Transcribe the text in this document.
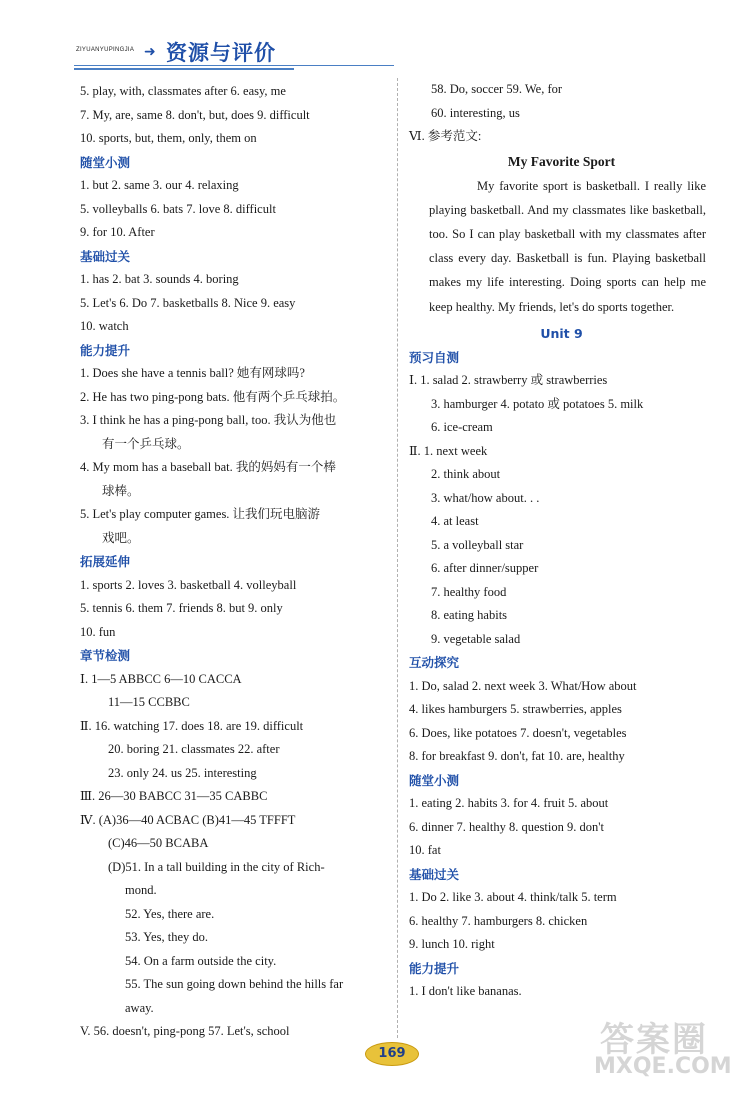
ZIYUANYUPINGJIA ➜ 资源与评价
5. play, with, classmates after 6. easy, me
7. My, are, same 8. don't, but, does 9. difficult
10. sports, but, them, only, them on
随堂小测
1. but 2. same 3. our 4. relaxing
5. volleyballs 6. bats 7. love 8. difficult
9. for 10. After
基础过关
1. has 2. bat 3. sounds 4. boring
5. Let's 6. Do 7. basketballs 8. Nice 9. easy
10. watch
能力提升
1. Does she have a tennis ball? 她有网球吗?
2. He has two ping-pong bats. 他有两个乒乓球拍。
3. I think he has a ping-pong ball, too. 我认为他也
有一个乒乓球。
4. My mom has a baseball bat. 我的妈妈有一个棒
球棒。
5. Let's play computer games. 让我们玩电脑游
戏吧。
拓展延伸
1. sports 2. loves 3. basketball 4. volleyball
5. tennis 6. them 7. friends 8. but 9. only
10. fun
章节检测
Ⅰ. 1—5 ABBCC 6—10 CACCA
11—15 CCBBC
Ⅱ. 16. watching 17. does 18. are 19. difficult
20. boring 21. classmates 22. after
23. only 24. us 25. interesting
Ⅲ. 26—30 BABCC 31—35 CABBC
Ⅳ. (A)36—40 ACBAC (B)41—45 TFFFT
(C)46—50 BCABA
(D)51. In a tall building in the city of Rich-
mond.
52. Yes, there are.
53. Yes, they do.
54. On a farm outside the city.
55. The sun going down behind the hills far
away.
V. 56. doesn't, ping-pong 57. Let's, school
58. Do, soccer 59. We, for
60. interesting, us
Ⅵ. 参考范文:
My Favorite Sport

My favorite sport is basketball. I really like playing basketball. And my classmates like basketball, too. So I can play basketball with my classmates after class every day. Basketball is fun. Playing basketball makes my life interesting. Doing sports can help me keep healthy. My friends, let's do sports together.

Unit 9
预习自测
Ⅰ. 1. salad 2. strawberry 或 strawberries
3. hamburger 4. potato 或 potatoes 5. milk
6. ice-cream
Ⅱ. 1. next week
2. think about
3. what/how about. . .
4. at least
5. a volleyball star
6. after dinner/supper
7. healthy food
8. eating habits
9. vegetable salad
互动探究
1. Do, salad 2. next week 3. What/How about
4. likes hamburgers 5. strawberries, apples
6. Does, like potatoes 7. doesn't, vegetables
8. for breakfast 9. don't, fat 10. are, healthy
随堂小测
1. eating 2. habits 3. for 4. fruit 5. about
6. dinner 7. healthy 8. question 9. don't
10. fat
基础过关
1. Do 2. like 3. about 4. think/talk 5. term
6. healthy 7. hamburgers 8. chicken
9. lunch 10. right
能力提升
1. I don't like bananas.
169	答案圈
MXQE.COM
